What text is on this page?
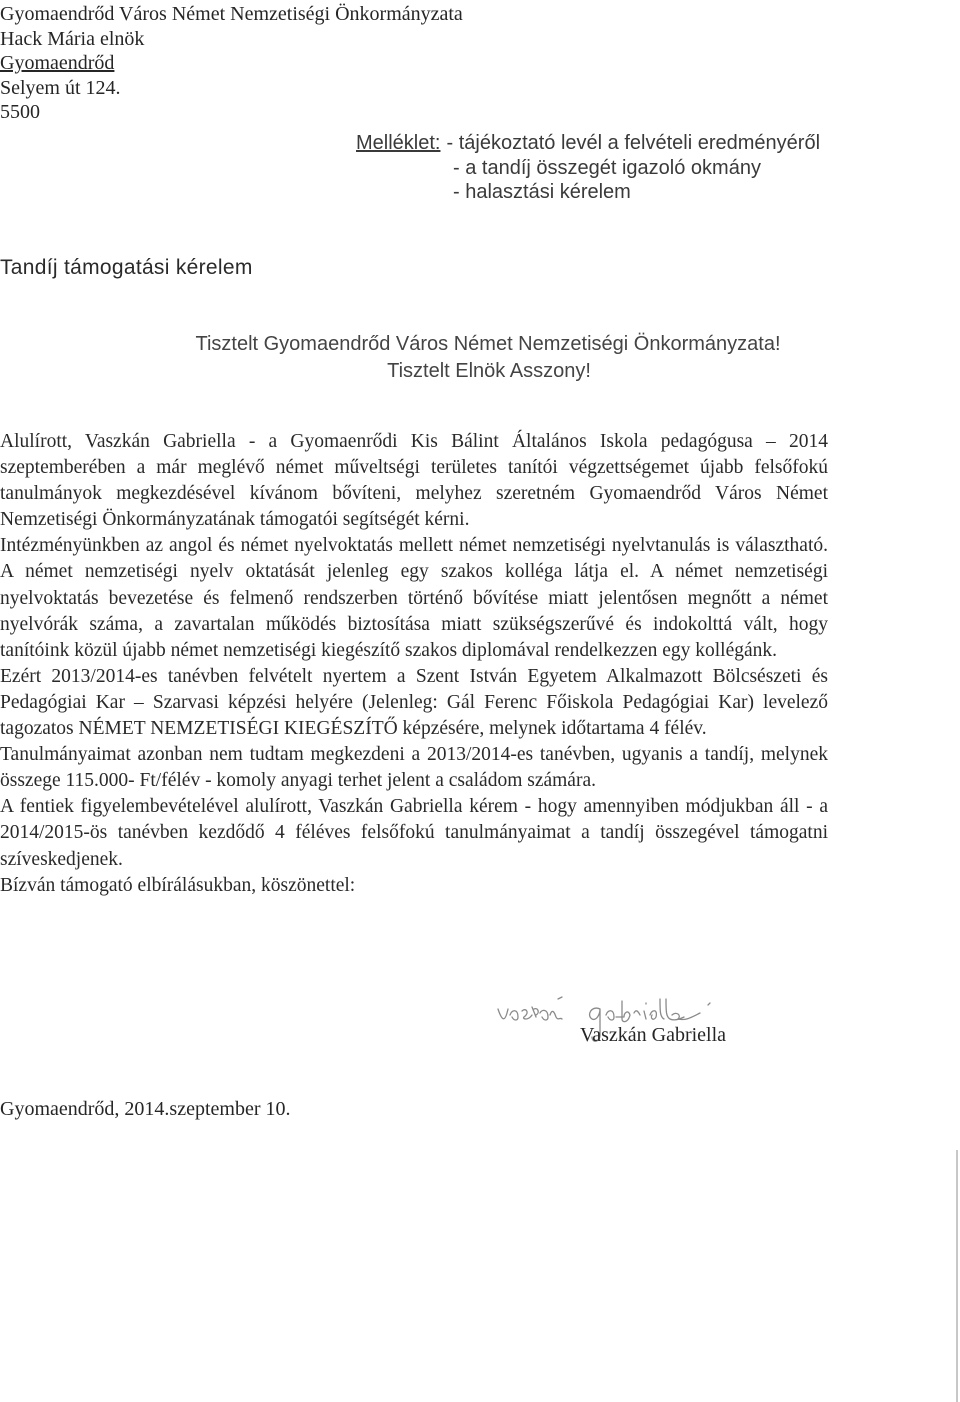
Gyomaendrőd Város Német Nemzetiségi Önkormányzata
Hack Mária elnök
Gyomaendrőd
Selyem út 124.
5500
Melléklet: - tájékoztató levél a felvételi eredményéről
- a tandíj összegét igazoló okmány
- halasztási kérelem
Tandíj támogatási kérelem
Tisztelt Gyomaendrőd Város Német Nemzetiségi Önkormányzata!
Tisztelt Elnök Asszony!

Alulírott, Vaszkán Gabriella - a Gyomaenrődi Kis Bálint Általános Iskola pedagógusa – 2014 szeptemberében a már meglévő német műveltségi területes tanítói végzettségemet újabb felsőfokú tanulmányok megkezdésével kívánom bővíteni, melyhez szeretném Gyomaendrőd Város Német Nemzetiségi Önkormányzatának támogatói segítségét kérni.

Intézményünkben az angol és német nyelvoktatás mellett német nemzetiségi nyelvtanulás is választható. A német nemzetiségi nyelv oktatását jelenleg egy szakos kolléga látja el. A német nemzetiségi nyelvoktatás bevezetése és felmenő rendszerben történő bővítése miatt jelentősen megnőtt a német nyelvórák száma, a zavartalan működés biztosítása miatt szükségszerűvé és indokolttá vált, hogy tanítóink közül újabb német nemzetiségi kiegészítő szakos diplomával rendelkezzen egy kollégánk.

Ezért 2013/2014-es tanévben felvételt nyertem a Szent István Egyetem Alkalmazott Bölcsészeti és Pedagógiai Kar – Szarvasi képzési helyére (Jelenleg: Gál Ferenc Főiskola Pedagógiai Kar) levelező tagozatos NÉMET NEMZETISÉGI KIEGÉSZÍTŐ képzésére, melynek időtartama 4 félév.

Tanulmányaimat azonban nem tudtam megkezdeni a 2013/2014-es tanévben, ugyanis a tandíj, melynek összege 115.000- Ft/félév - komoly anyagi terhet jelent a családom számára.

A fentiek figyelembevételével alulírott, Vaszkán Gabriella kérem - hogy amennyiben módjukban áll - a 2014/2015-ös tanévben kezdődő 4 féléves felsőfokú tanulmányaimat a tandíj összegével támogatni szíveskedjenek.

Bízván támogató elbírálásukban, köszönettel:

Vaszkán Gabriella
Gyomaendrőd, 2014.szeptember 10.
